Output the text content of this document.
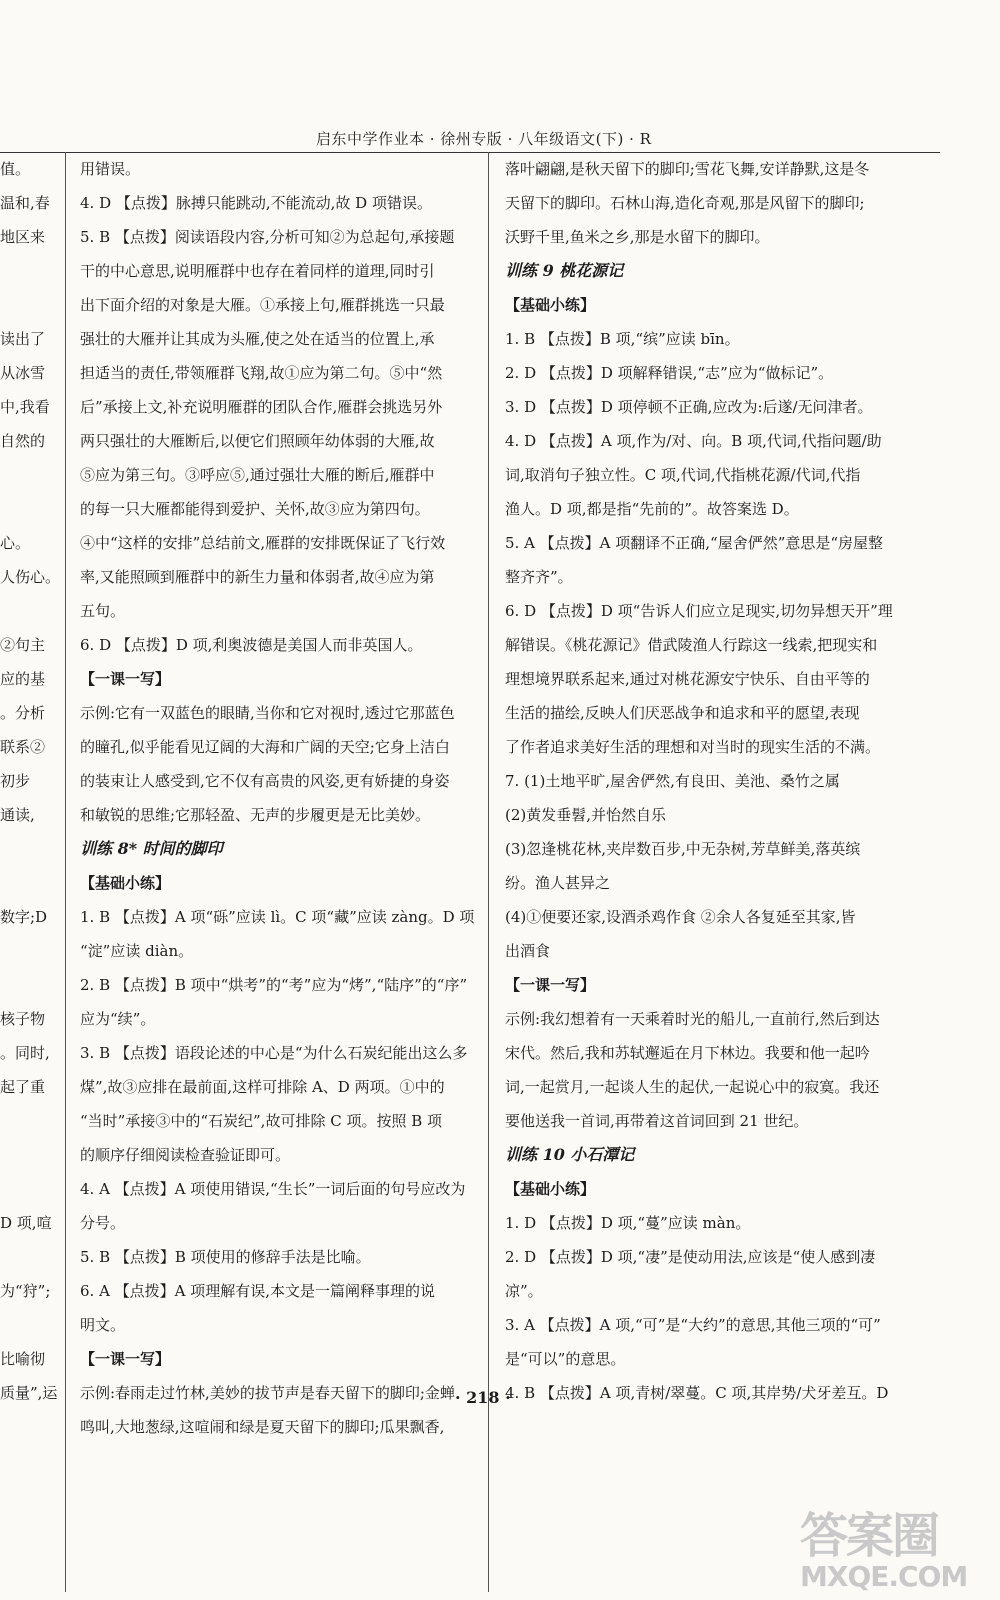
启东中学作业本 · 徐州专版 · 八年级语文(下) · R

值。

温和,春

地区来

读出了

从冰雪

中,我看

自然的

心。

人伤心。

②句主

应的基

。分析

联系②

初步

通读,

数字;D

核子物

。同时,

起了重

D 项,喧

为“狩”;

比喻彻

质量”,运

用错误。

4. D 【点拨】脉搏只能跳动,不能流动,故 D 项错误。

5. B 【点拨】阅读语段内容,分析可知②为总起句,承接题

干的中心意思,说明雁群中也存在着同样的道理,同时引

出下面介绍的对象是大雁。①承接上句,雁群挑选一只最

强壮的大雁并让其成为头雁,使之处在适当的位置上,承

担适当的责任,带领雁群飞翔,故①应为第二句。⑤中“然

后”承接上文,补充说明雁群的团队合作,雁群会挑选另外

两只强壮的大雁断后,以便它们照顾年幼体弱的大雁,故

⑤应为第三句。③呼应⑤,通过强壮大雁的断后,雁群中

的每一只大雁都能得到爱护、关怀,故③应为第四句。

④中“这样的安排”总结前文,雁群的安排既保证了飞行效

率,又能照顾到雁群中的新生力量和体弱者,故④应为第

五句。

6. D 【点拨】D 项,利奥波德是美国人而非英国人。

【一课一写】

示例:它有一双蓝色的眼睛,当你和它对视时,透过它那蓝色

的瞳孔,似乎能看见辽阔的大海和广阔的天空;它身上洁白

的装束让人感受到,它不仅有高贵的风姿,更有娇捷的身姿

和敏锐的思维;它那轻盈、无声的步履更是无比美妙。

训练 8* 时间的脚印

【基础小练】

1. B 【点拨】A 项“砾”应读 lì。C 项“藏”应读 zàng。D 项

“淀”应读 diàn。

2. B 【点拨】B 项中“烘考”的“考”应为“烤”,“陆序”的“序”

应为“续”。

3. B 【点拨】语段论述的中心是“为什么石炭纪能出这么多

煤”,故③应排在最前面,这样可排除 A、D 两项。①中的

“当时”承接③中的“石炭纪”,故可排除 C 项。按照 B 项

的顺序仔细阅读检查验证即可。

4. A 【点拨】A 项使用错误,“生长”一词后面的句号应改为

分号。

5. B 【点拨】B 项使用的修辞手法是比喻。

6. A 【点拨】A 项理解有误,本文是一篇阐释事理的说

明文。

【一课一写】

示例:春雨走过竹林,美妙的拔节声是春天留下的脚印;金蝉

鸣叫,大地葱绿,这喧闹和绿是夏天留下的脚印;瓜果飘香,

落叶翩翩,是秋天留下的脚印;雪花飞舞,安详静默,这是冬

天留下的脚印。石林山海,造化奇观,那是风留下的脚印;

沃野千里,鱼米之乡,那是水留下的脚印。

训练 9 桃花源记

【基础小练】

1. B 【点拨】B 项,“缤”应读 bīn。

2. D 【点拨】D 项解释错误,“志”应为“做标记”。

3. D 【点拨】D 项停顿不正确,应改为:后遂/无问津者。

4. D 【点拨】A 项,作为/对、向。B 项,代词,代指问题/助

词,取消句子独立性。C 项,代词,代指桃花源/代词,代指

渔人。D 项,都是指“先前的”。故答案选 D。

5. A 【点拨】A 项翻译不正确,“屋舍俨然”意思是“房屋整

整齐齐”。

6. D 【点拨】D 项“告诉人们应立足现实,切勿异想天开”理

解错误。《桃花源记》借武陵渔人行踪这一线索,把现实和

理想境界联系起来,通过对桃花源安宁快乐、自由平等的

生活的描绘,反映人们厌恶战争和追求和平的愿望,表现

了作者追求美好生活的理想和对当时的现实生活的不满。

7. (1)土地平旷,屋舍俨然,有良田、美池、桑竹之属

(2)黄发垂髫,并怡然自乐

(3)忽逢桃花林,夹岸数百步,中无杂树,芳草鲜美,落英缤

纷。渔人甚异之

(4)①便要还家,设酒杀鸡作食 ②余人各复延至其家,皆

出酒食

【一课一写】

示例:我幻想着有一天乘着时光的船儿,一直前行,然后到达

宋代。然后,我和苏轼邂逅在月下林边。我要和他一起吟

词,一起赏月,一起谈人生的起伏,一起说心中的寂寞。我还

要他送我一首词,再带着这首词回到 21 世纪。

训练 10 小石潭记

【基础小练】

1. D 【点拨】D 项,“蔓”应读 màn。

2. D 【点拨】D 项,“凄”是使动用法,应该是“使人感到凄

凉”。

3. A 【点拨】A 项,“可”是“大约”的意思,其他三项的“可”

是“可以”的意思。

4. B 【点拨】A 项,青树/翠蔓。C 项,其岸势/犬牙差互。D

· 218 ·
答案圈
MXQE.COM
